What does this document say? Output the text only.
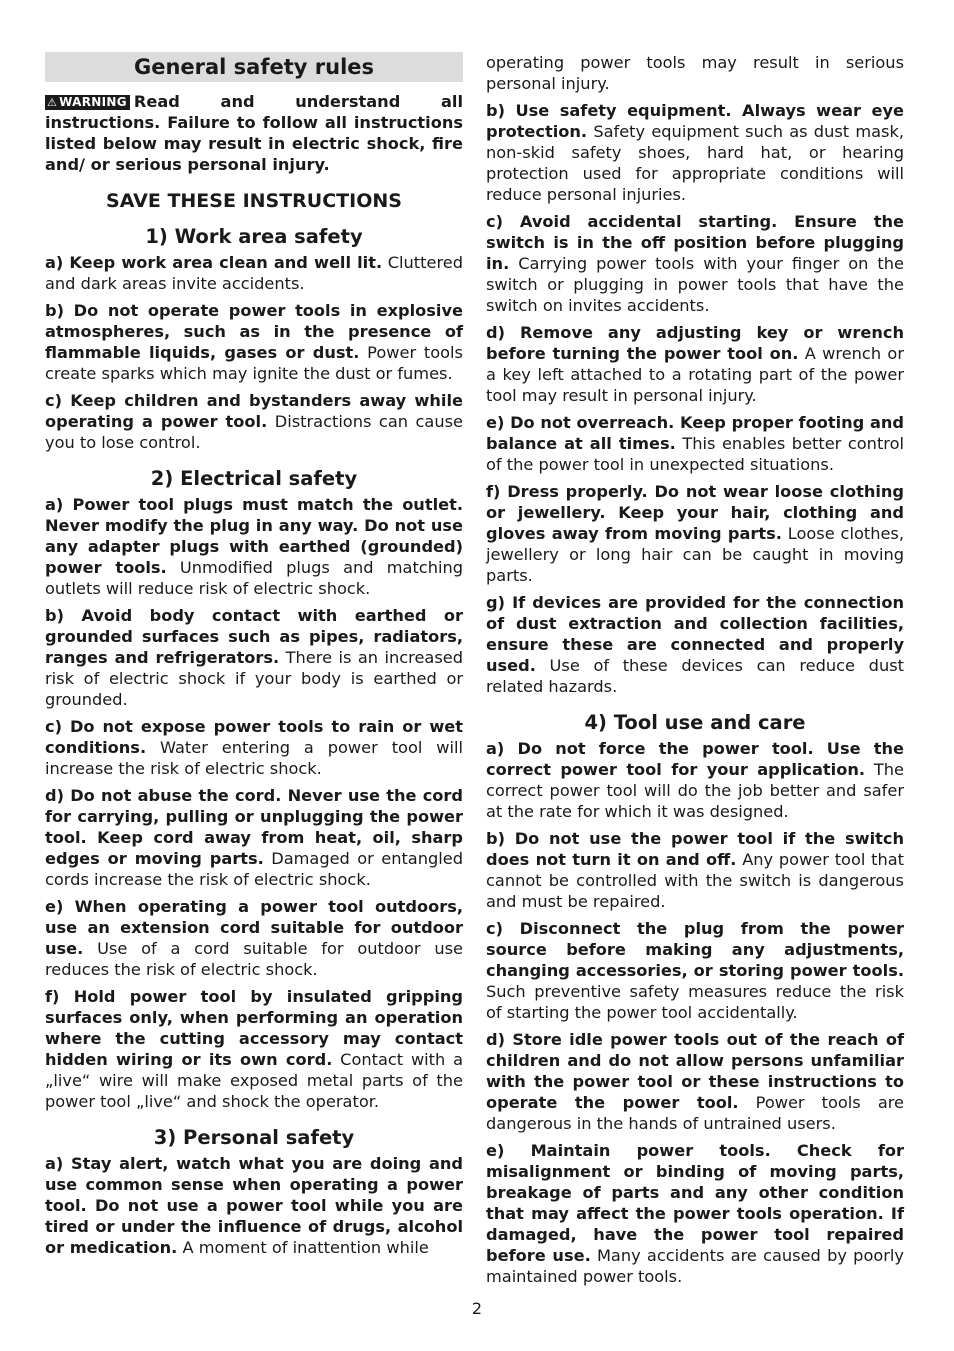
General safety rules

⚠ WARNING Read and understand all instructions. Failure to follow all instructions listed below may result in electric shock, fire and/ or serious personal injury.

SAVE THESE INSTRUCTIONS
1) Work area safety

a) Keep work area clean and well lit. Cluttered and dark areas invite accidents.

b) Do not operate power tools in explosive atmospheres, such as in the presence of flammable liquids, gases or dust. Power tools create sparks which may ignite the dust or fumes.

c) Keep children and bystanders away while operating a power tool. Distractions can cause you to lose control.

2) Electrical safety

a) Power tool plugs must match the outlet. Never modify the plug in any way. Do not use any adapter plugs with earthed (grounded) power tools. Unmodified plugs and matching outlets will reduce risk of electric shock.

b) Avoid body contact with earthed or grounded surfaces such as pipes, radiators, ranges and refrigerators. There is an increased risk of electric shock if your body is earthed or grounded.

c) Do not expose power tools to rain or wet conditions. Water entering a power tool will increase the risk of electric shock.

d) Do not abuse the cord. Never use the cord for carrying, pulling or unplugging the power tool. Keep cord away from heat, oil, sharp edges or moving parts. Damaged or entangled cords increase the risk of electric shock.

e) When operating a power tool outdoors, use an extension cord suitable for outdoor use. Use of a cord suitable for outdoor use reduces the risk of electric shock.

f) Hold power tool by insulated gripping surfaces only, when performing an operation where the cutting accessory may contact hidden wiring or its own cord. Contact with a „live“ wire will make exposed metal parts of the power tool „live“ and shock the operator.

3) Personal safety

a) Stay alert, watch what you are doing and use common sense when operating a power tool. Do not use a power tool while you are tired or under the influence of drugs, alcohol or medication. A moment of inattention while

operating power tools may result in serious personal injury.

b) Use safety equipment. Always wear eye protection. Safety equipment such as dust mask, non-skid safety shoes, hard hat, or hearing protection used for appropriate conditions will reduce personal injuries.

c) Avoid accidental starting. Ensure the switch is in the off position before plugging in. Carrying power tools with your finger on the switch or plugging in power tools that have the switch on invites accidents.

d) Remove any adjusting key or wrench before turning the power tool on. A wrench or a key left attached to a rotating part of the power tool may result in personal injury.

e) Do not overreach. Keep proper footing and balance at all times. This enables better control of the power tool in unexpected situations.

f) Dress properly. Do not wear loose clothing or jewellery. Keep your hair, clothing and gloves away from moving parts. Loose clothes, jewellery or long hair can be caught in moving parts.

g) If devices are provided for the connection of dust extraction and collection facilities, ensure these are connected and properly used. Use of these devices can reduce dust related hazards.

4) Tool use and care

a) Do not force the power tool. Use the correct power tool for your application. The correct power tool will do the job better and safer at the rate for which it was designed.

b) Do not use the power tool if the switch does not turn it on and off. Any power tool that cannot be controlled with the switch is dangerous and must be repaired.

c) Disconnect the plug from the power source before making any adjustments, changing accessories, or storing power tools. Such preventive safety measures reduce the risk of starting the power tool accidentally.

d) Store idle power tools out of the reach of children and do not allow persons unfamiliar with the power tool or these instructions to operate the power tool. Power tools are dangerous in the hands of untrained users.

e) Maintain power tools. Check for misalignment or binding of moving parts, breakage of parts and any other condition that may affect the power tools operation. If damaged, have the power tool repaired before use. Many accidents are caused by poorly maintained power tools.

2
